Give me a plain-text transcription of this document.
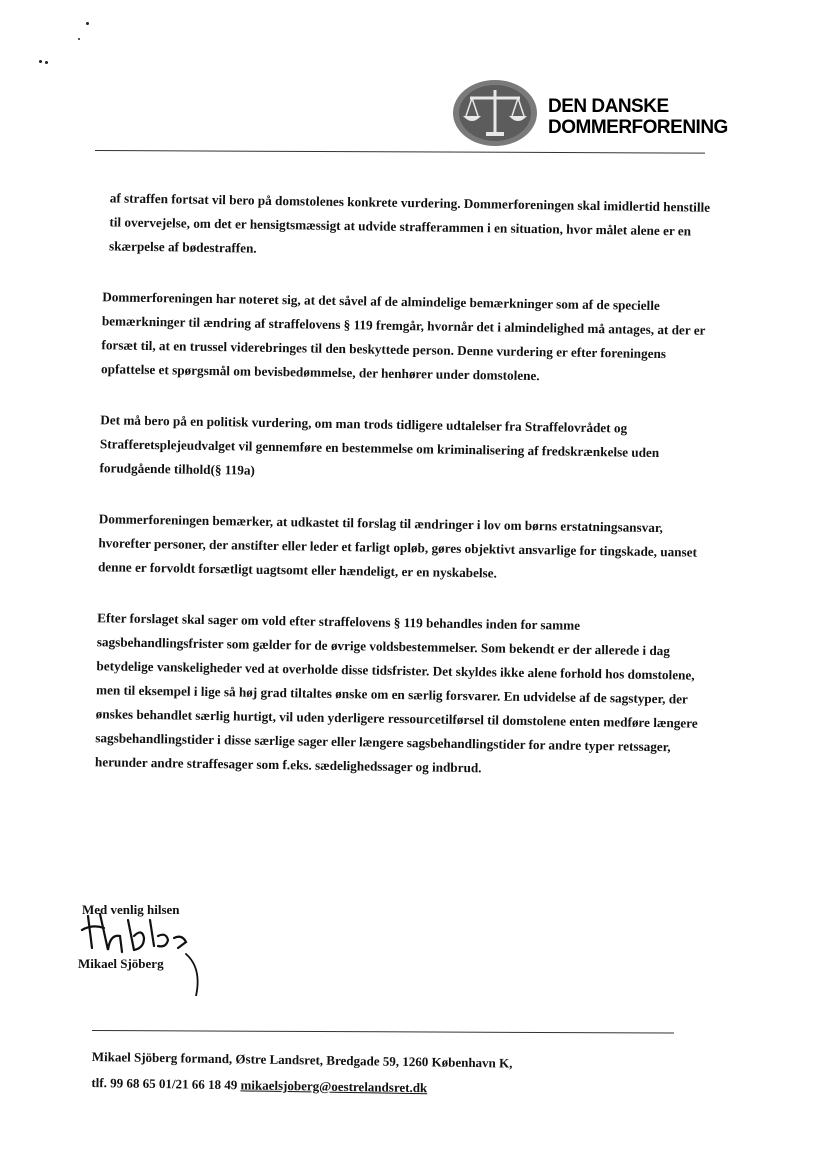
DEN DANSKE
DOMMERFORENING

af straffen fortsat vil bero på domstolenes konkrete vurdering. Dommerforeningen skal imidlertid henstille til overvejelse, om det er hensigtsmæssigt at udvide strafferammen i en situation, hvor målet alene er en skærpelse af bødestraffen.

Dommerforeningen har noteret sig, at det såvel af de almindelige bemærkninger som af de specielle bemærkninger til ændring af straffelovens § 119 fremgår, hvornår det i almindelighed må antages, at der er forsæt til, at en trussel viderebringes til den beskyttede person. Denne vurdering er efter foreningens opfattelse et spørgsmål om bevisbedømmelse, der henhører under domstolene.

Det må bero på en politisk vurdering, om man trods tidligere udtalelser fra Straffelovrådet og Strafferetsplejeudvalget vil gennemføre en bestemmelse om kriminalisering af fredskrænkelse uden forudgående tilhold(§ 119a)

Dommerforeningen bemærker, at udkastet til forslag til ændringer i lov om børns erstatningsansvar, hvorefter personer, der anstifter eller leder et farligt opløb, gøres objektivt ansvarlige for tingskade, uanset denne er forvoldt forsætligt uagtsomt eller hændeligt, er en nyskabelse.

Efter forslaget skal sager om vold efter straffelovens § 119 behandles inden for samme sagsbehandlingsfrister som gælder for de øvrige voldsbestemmelser. Som bekendt er der allerede i dag betydelige vanskeligheder ved at overholde disse tidsfrister. Det skyldes ikke alene forhold hos domstolene, men til eksempel i lige så høj grad tiltaltes ønske om en særlig forsvarer. En udvidelse af de sagstyper, der ønskes behandlet særlig hurtigt, vil uden yderligere ressourcetilførsel til domstolene enten medføre længere sagsbehandlingstider i disse særlige sager eller længere sagsbehandlingstider for andre typer retssager, herunder andre straffesager som f.eks. sædelighedssager og indbrud.

Med venlig hilsen
Mikael Sjöberg
Mikael Sjöberg formand, Østre Landsret, Bredgade 59, 1260 København K,
tlf. 99 68 65 01/21 66 18 49 mikaelsjoberg@oestrelandsret.dk
